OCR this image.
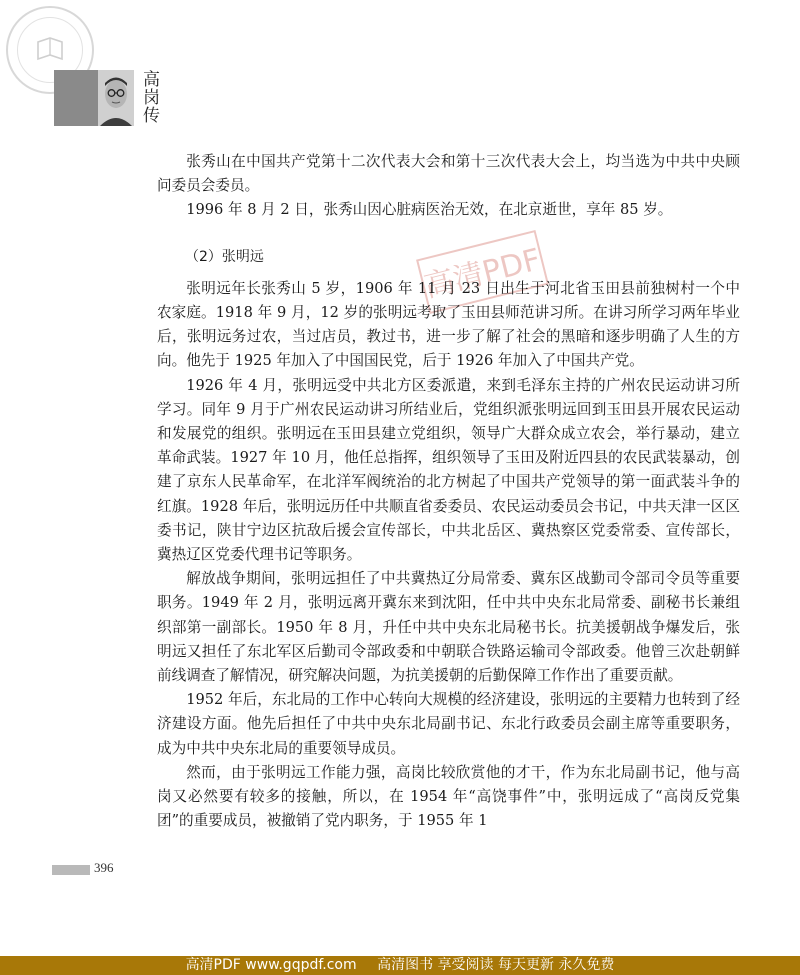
高岗传
高清PDF

张秀山在中国共产党第十二次代表大会和第十三次代表大会上，均当选为中共中央顾问委员会委员。

1996 年 8 月 2 日，张秀山因心脏病医治无效，在北京逝世，享年 85 岁。

（2）张明远

张明远年长张秀山 5 岁，1906 年 11 月 23 日出生于河北省玉田县前独树村一个中农家庭。1918 年 9 月，12 岁的张明远考取了玉田县师范讲习所。在讲习所学习两年毕业后，张明远务过农，当过店员，教过书，进一步了解了社会的黑暗和逐步明确了人生的方向。他先于 1925 年加入了中国国民党，后于 1926 年加入了中国共产党。

1926 年 4 月，张明远受中共北方区委派遣，来到毛泽东主持的广州农民运动讲习所学习。同年 9 月于广州农民运动讲习所结业后，党组织派张明远回到玉田县开展农民运动和发展党的组织。张明远在玉田县建立党组织，领导广大群众成立农会，举行暴动，建立革命武装。1927 年 10 月，他任总指挥，组织领导了玉田及附近四县的农民武装暴动，创建了京东人民革命军，在北洋军阀统治的北方树起了中国共产党领导的第一面武装斗争的红旗。1928 年后，张明远历任中共顺直省委委员、农民运动委员会书记，中共天津一区区委书记，陕甘宁边区抗敌后援会宣传部长，中共北岳区、冀热察区党委常委、宣传部长，冀热辽区党委代理书记等职务。

解放战争期间，张明远担任了中共冀热辽分局常委、冀东区战勤司令部司令员等重要职务。1949 年 2 月，张明远离开冀东来到沈阳，任中共中央东北局常委、副秘书长兼组织部第一副部长。1950 年 8 月，升任中共中央东北局秘书长。抗美援朝战争爆发后，张明远又担任了东北军区后勤司令部政委和中朝联合铁路运输司令部政委。他曾三次赴朝鲜前线调查了解情况，研究解决问题，为抗美援朝的后勤保障工作作出了重要贡献。

1952 年后，东北局的工作中心转向大规模的经济建设，张明远的主要精力也转到了经济建设方面。他先后担任了中共中央东北局副书记、东北行政委员会副主席等重要职务，成为中共中央东北局的重要领导成员。

然而，由于张明远工作能力强，高岗比较欣赏他的才干，作为东北局副书记，他与高岗又必然要有较多的接触，所以，在 1954 年“高饶事件”中，张明远成了“高岗反党集团”的重要成员，被撤销了党内职务，于 1955 年 1

396
高清PDF www.gqpdf.com 高清图书 享受阅读 每天更新 永久免费
